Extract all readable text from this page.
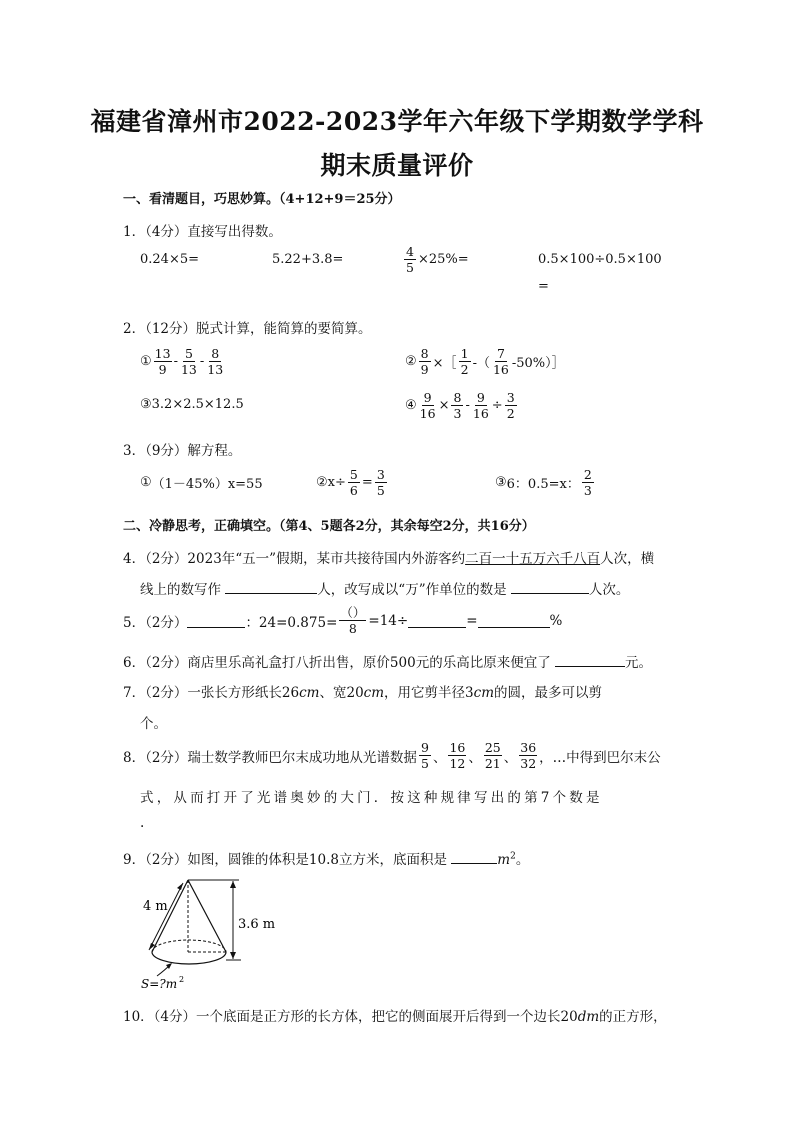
福建省漳州市2022-2023学年六年级下学期数学学科
期末质量评价
一、看清题目，巧思妙算。（4+12+9＝25分）
1．（4分）直接写出得数。
0.24×5=	5.22+3.8=	$\frac{4}{5} \times 25\%=$	0.5×100÷0.5×100
=
2．（12分）脱式计算，能简算的要简算。
① $\frac{13}{9} - \frac{5}{13} - \frac{8}{13}$	② $\frac{8}{9}$ ×［ $\frac{1}{2}$ -（ $\frac{7}{16}$ -50%）］
③ 3.2×2.5×12.5	④ $\frac{9}{16} \times \frac{8}{3} - \frac{9}{16} \div \frac{3}{2}$
3．（9分）解方程。
① （1－45%）x=55	② $x\div \frac{5}{6} = \frac{3}{5}$	③ 6：0.5=x： $\frac{2}{3}$
二、冷静思考，正确填空。（第4、5题各2分，其余每空2分，共16分）
4．（2分）2023年“五一”假期，某市共接待国内外游客约二百一十五万六千八百人次，横
线上的数写作	人，改写成以“万”作单位的数是	人次。
5．（2分）	：$24=0.875= \frac{()}{8} =14\div$	=	%
6．（2分）商店里乐高礼盒打八折出售，原价500元的乐高比原来便宜了	元。
7．（2分）一张长方形纸长26cm、宽20cm，用它剪半径3cm的圆，最多可以剪
个。
8．（2分）瑞士数学教师巴尔末成功地从光谱数据 $\frac{9}{5}$ 、 $\frac{16}{12}$ 、 $\frac{25}{21}$ 、 $\frac{36}{32}$ ，…中得到巴尔末公
式，从而打开了光谱奥妙的大门．按这种规律写出的第7个数是
.
9．（2分）如图，圆锥的体积是10.8立方米，底面积是	$m^2$。
4 m
3.6 m
S=?m 2
10．（4分）一个底面是正方形的长方体，把它的侧面展开后得到一个边长20dm的正方形，
